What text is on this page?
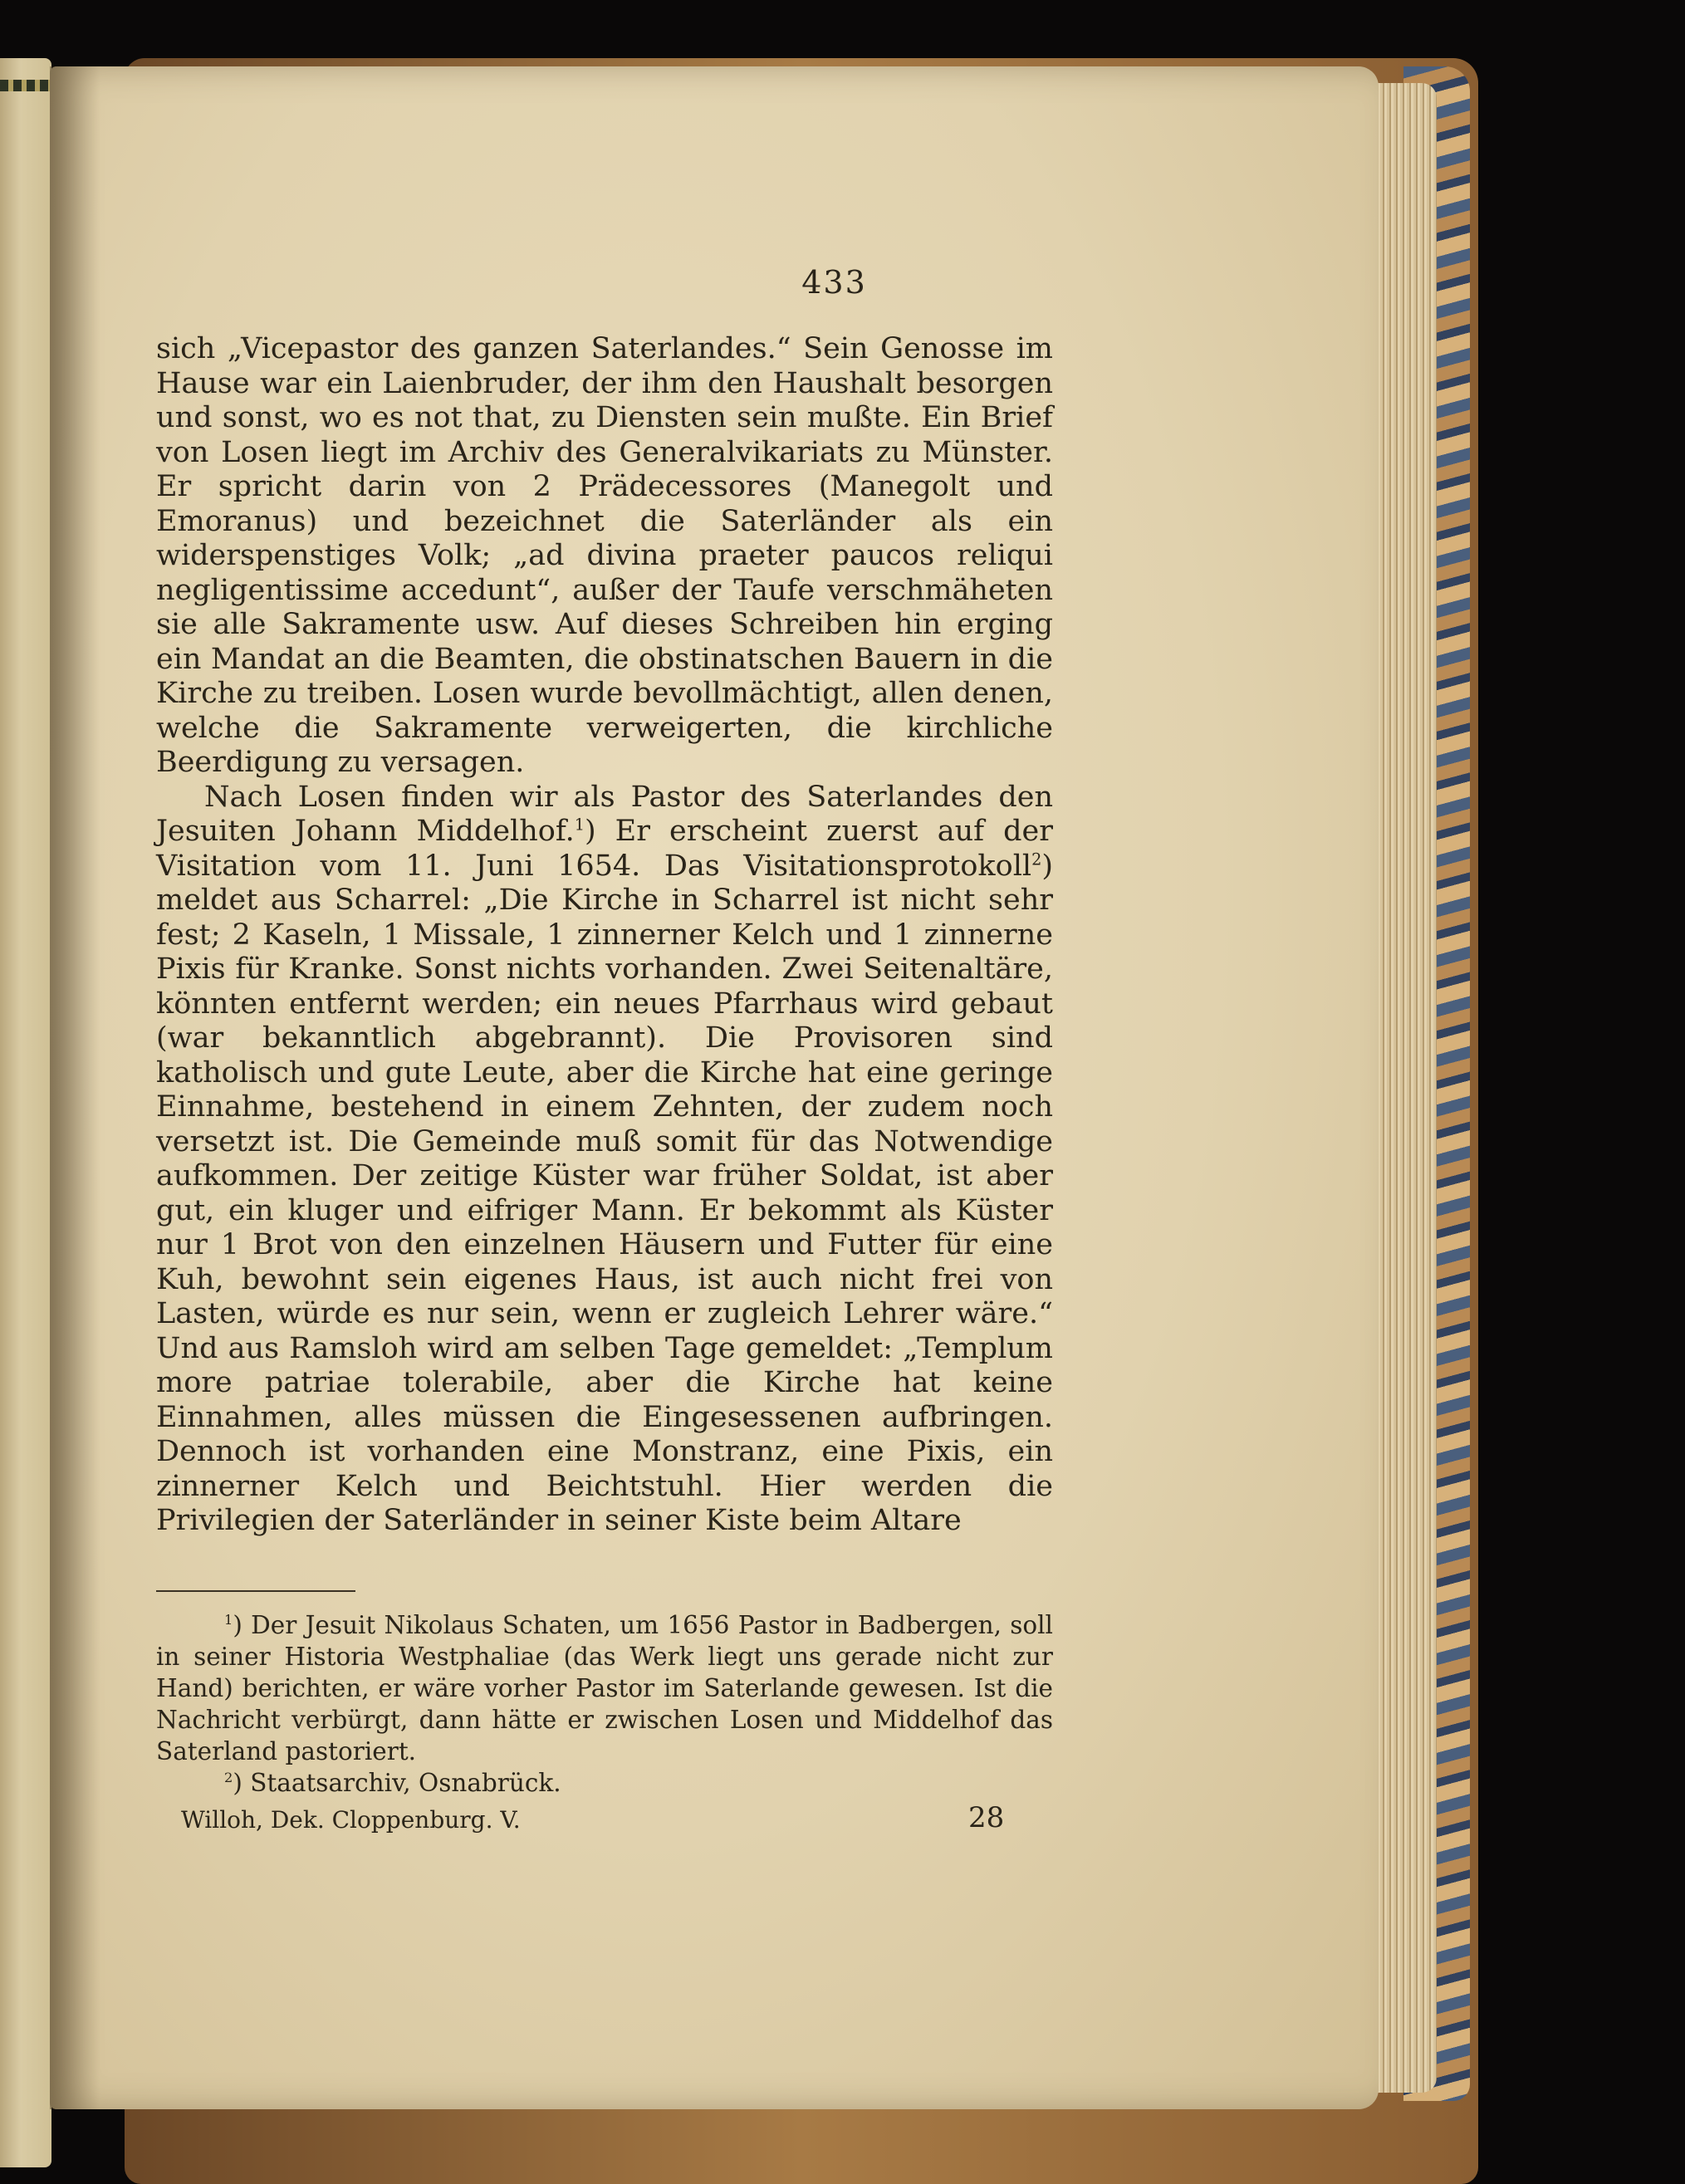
433

sich „Vicepastor des ganzen Saterlandes.“ Sein Genosse im Hause war ein Laienbruder, der ihm den Haushalt besorgen und sonst, wo es not that, zu Diensten sein mußte. Ein Brief von Losen liegt im Archiv des Generalvikariats zu Münster. Er spricht darin von 2 Prädecessores (Manegolt und Emoranus) und bezeichnet die Saterländer als ein widerspenstiges Volk; „ad divina praeter paucos reliqui negligentissime accedunt“, außer der Taufe verschmäheten sie alle Sakramente usw. Auf dieses Schreiben hin erging ein Mandat an die Beamten, die obstinatschen Bauern in die Kirche zu treiben. Losen wurde bevollmächtigt, allen denen, welche die Sakramente verweigerten, die kirchliche Beerdigung zu versagen.

Nach Losen finden wir als Pastor des Saterlandes den Jesuiten Johann Middelhof.$^1$) Er erscheint zuerst auf der Visitation vom 11. Juni 1654. Das Visitationsprotokoll$^2$) meldet aus Scharrel: „Die Kirche in Scharrel ist nicht sehr fest; 2 Kaseln, 1 Missale, 1 zinnerner Kelch und 1 zinnerne Pixis für Kranke. Sonst nichts vorhanden. Zwei Seitenaltäre, könnten entfernt werden; ein neues Pfarrhaus wird gebaut (war bekanntlich abgebrannt). Die Provisoren sind katholisch und gute Leute, aber die Kirche hat eine geringe Einnahme, bestehend in einem Zehnten, der zudem noch versetzt ist. Die Gemeinde muß somit für das Notwendige aufkommen. Der zeitige Küster war früher Soldat, ist aber gut, ein kluger und eifriger Mann. Er bekommt als Küster nur 1 Brot von den einzelnen Häusern und Futter für eine Kuh, bewohnt sein eigenes Haus, ist auch nicht frei von Lasten, würde es nur sein, wenn er zugleich Lehrer wäre.“ Und aus Ramsloh wird am selben Tage gemeldet: „Templum more patriae tolerabile, aber die Kirche hat keine Einnahmen, alles müssen die Eingesessenen aufbringen. Dennoch ist vorhanden eine Monstranz, eine Pixis, ein zinnerner Kelch und Beichtstuhl. Hier werden die Privilegien der Saterländer in seiner Kiste beim Altare

$^1$) Der Jesuit Nikolaus Schaten, um 1656 Pastor in Badbergen, soll in seiner Historia Westphaliae (das Werk liegt uns gerade nicht zur Hand) berichten, er wäre vorher Pastor im Saterlande gewesen. Ist die Nachricht verbürgt, dann hätte er zwischen Losen und Middelhof das Saterland pastoriert.

$^2$) Staatsarchiv, Osnabrück.

Willoh, Dek. Cloppenburg. V.	28
